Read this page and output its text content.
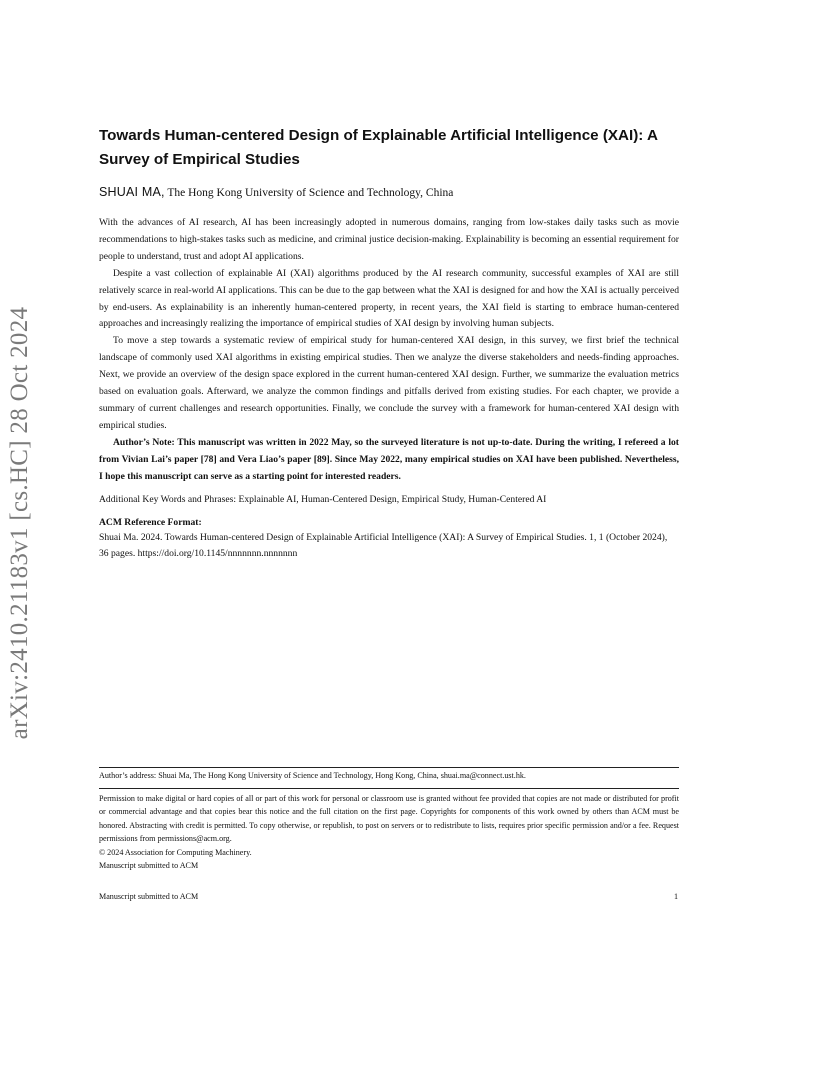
arXiv:2410.21183v1 [cs.HC] 28 Oct 2024
Towards Human-centered Design of Explainable Artificial Intelligence (XAI): A Survey of Empirical Studies
SHUAI MA, The Hong Kong University of Science and Technology, China

With the advances of AI research, AI has been increasingly adopted in numerous domains, ranging from low-stakes daily tasks such as movie recommendations to high-stakes tasks such as medicine, and criminal justice decision-making. Explainability is becoming an essential requirement for people to understand, trust and adopt AI applications.

Despite a vast collection of explainable AI (XAI) algorithms produced by the AI research community, successful examples of XAI are still relatively scarce in real-world AI applications. This can be due to the gap between what the XAI is designed for and how the XAI is actually perceived by end-users. As explainability is an inherently human-centered property, in recent years, the XAI field is starting to embrace human-centered approaches and increasingly realizing the importance of empirical studies of XAI design by involving human subjects.

To move a step towards a systematic review of empirical study for human-centered XAI design, in this survey, we first brief the technical landscape of commonly used XAI algorithms in existing empirical studies. Then we analyze the diverse stakeholders and needs-finding approaches. Next, we provide an overview of the design space explored in the current human-centered XAI design. Further, we summarize the evaluation metrics based on evaluation goals. Afterward, we analyze the common findings and pitfalls derived from existing studies. For each chapter, we provide a summary of current challenges and research opportunities. Finally, we conclude the survey with a framework for human-centered XAI design with empirical studies.

Author’s Note: This manuscript was written in 2022 May, so the surveyed literature is not up-to-date. During the writing, I refereed a lot from Vivian Lai’s paper [78] and Vera Liao’s paper [89]. Since May 2022, many empirical studies on XAI have been published. Nevertheless, I hope this manuscript can serve as a starting point for interested readers.

Additional Key Words and Phrases: Explainable AI, Human-Centered Design, Empirical Study, Human-Centered AI
ACM Reference Format:
Shuai Ma. 2024. Towards Human-centered Design of Explainable Artificial Intelligence (XAI): A Survey of Empirical Studies. 1, 1 (October 2024), 36 pages. https://doi.org/10.1145/nnnnnnn.nnnnnnn
Author’s address: Shuai Ma, The Hong Kong University of Science and Technology, Hong Kong, China, shuai.ma@connect.ust.hk.
Permission to make digital or hard copies of all or part of this work for personal or classroom use is granted without fee provided that copies are not made or distributed for profit or commercial advantage and that copies bear this notice and the full citation on the first page. Copyrights for components of this work owned by others than ACM must be honored. Abstracting with credit is permitted. To copy otherwise, or republish, to post on servers or to redistribute to lists, requires prior specific permission and/or a fee. Request permissions from permissions@acm.org.
© 2024 Association for Computing Machinery.
Manuscript submitted to ACM
Manuscript submitted to ACM	1
